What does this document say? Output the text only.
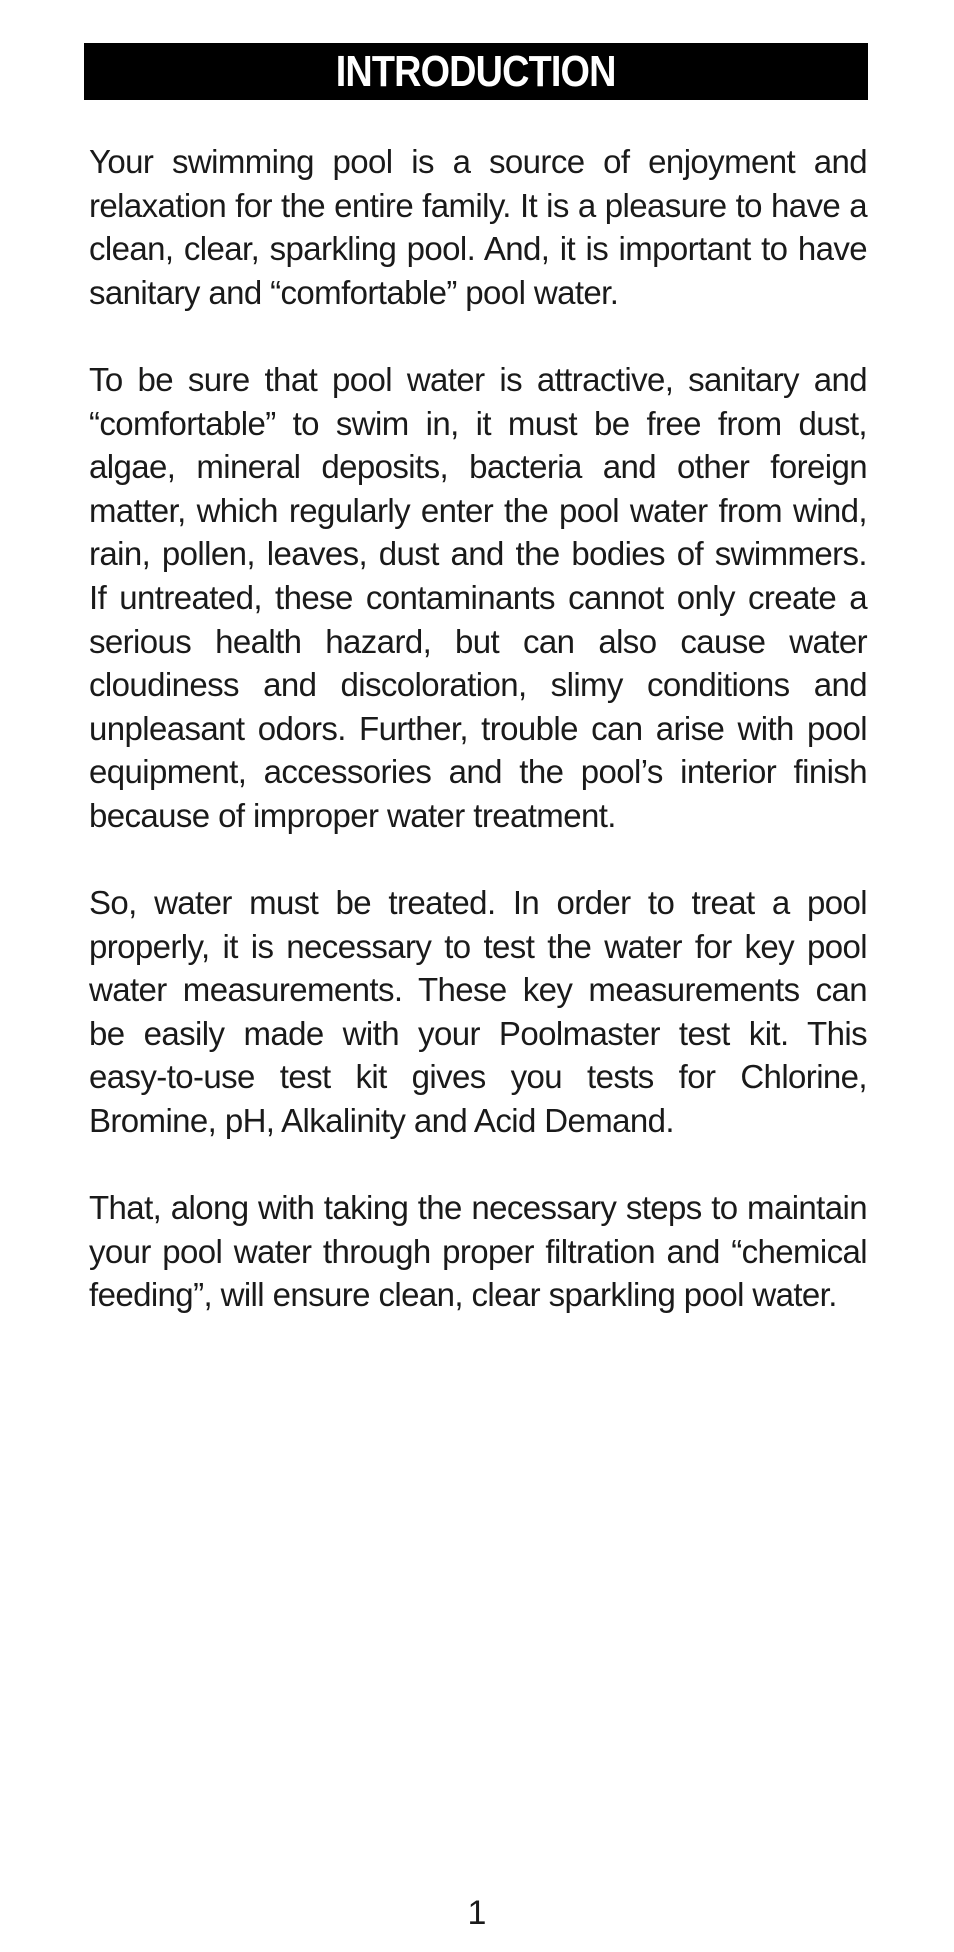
INTRODUCTION

Your swimming pool is a source of enjoyment and relaxation for the entire family. It is a pleasure to have a clean, clear, sparkling pool. And, it is important to have sanitary and “comfortable” pool water.

To be sure that pool water is attractive, sanitary and “comfortable” to swim in, it must be free from dust, algae, mineral deposits, bacteria and other foreign matter, which regularly enter the pool water from wind, rain, pollen, leaves, dust and the bodies of swimmers. If untreated, these contaminants cannot only create a serious health hazard, but can also cause water cloudiness and discoloration, slimy conditions and unpleasant odors. Further, trouble can arise with pool equipment, accessories and the pool’s interior finish because of improper water treatment.

So, water must be treated. In order to treat a pool properly, it is necessary to test the water for key pool water measurements. These key measurements can be easily made with your Poolmaster test kit. This easy-to-use test kit gives you tests for Chlorine, Bromine, pH, Alkalinity and Acid Demand.

That, along with taking the necessary steps to maintain your pool water through proper filtration and “chemical feeding”, will ensure clean, clear sparkling pool water.

1
